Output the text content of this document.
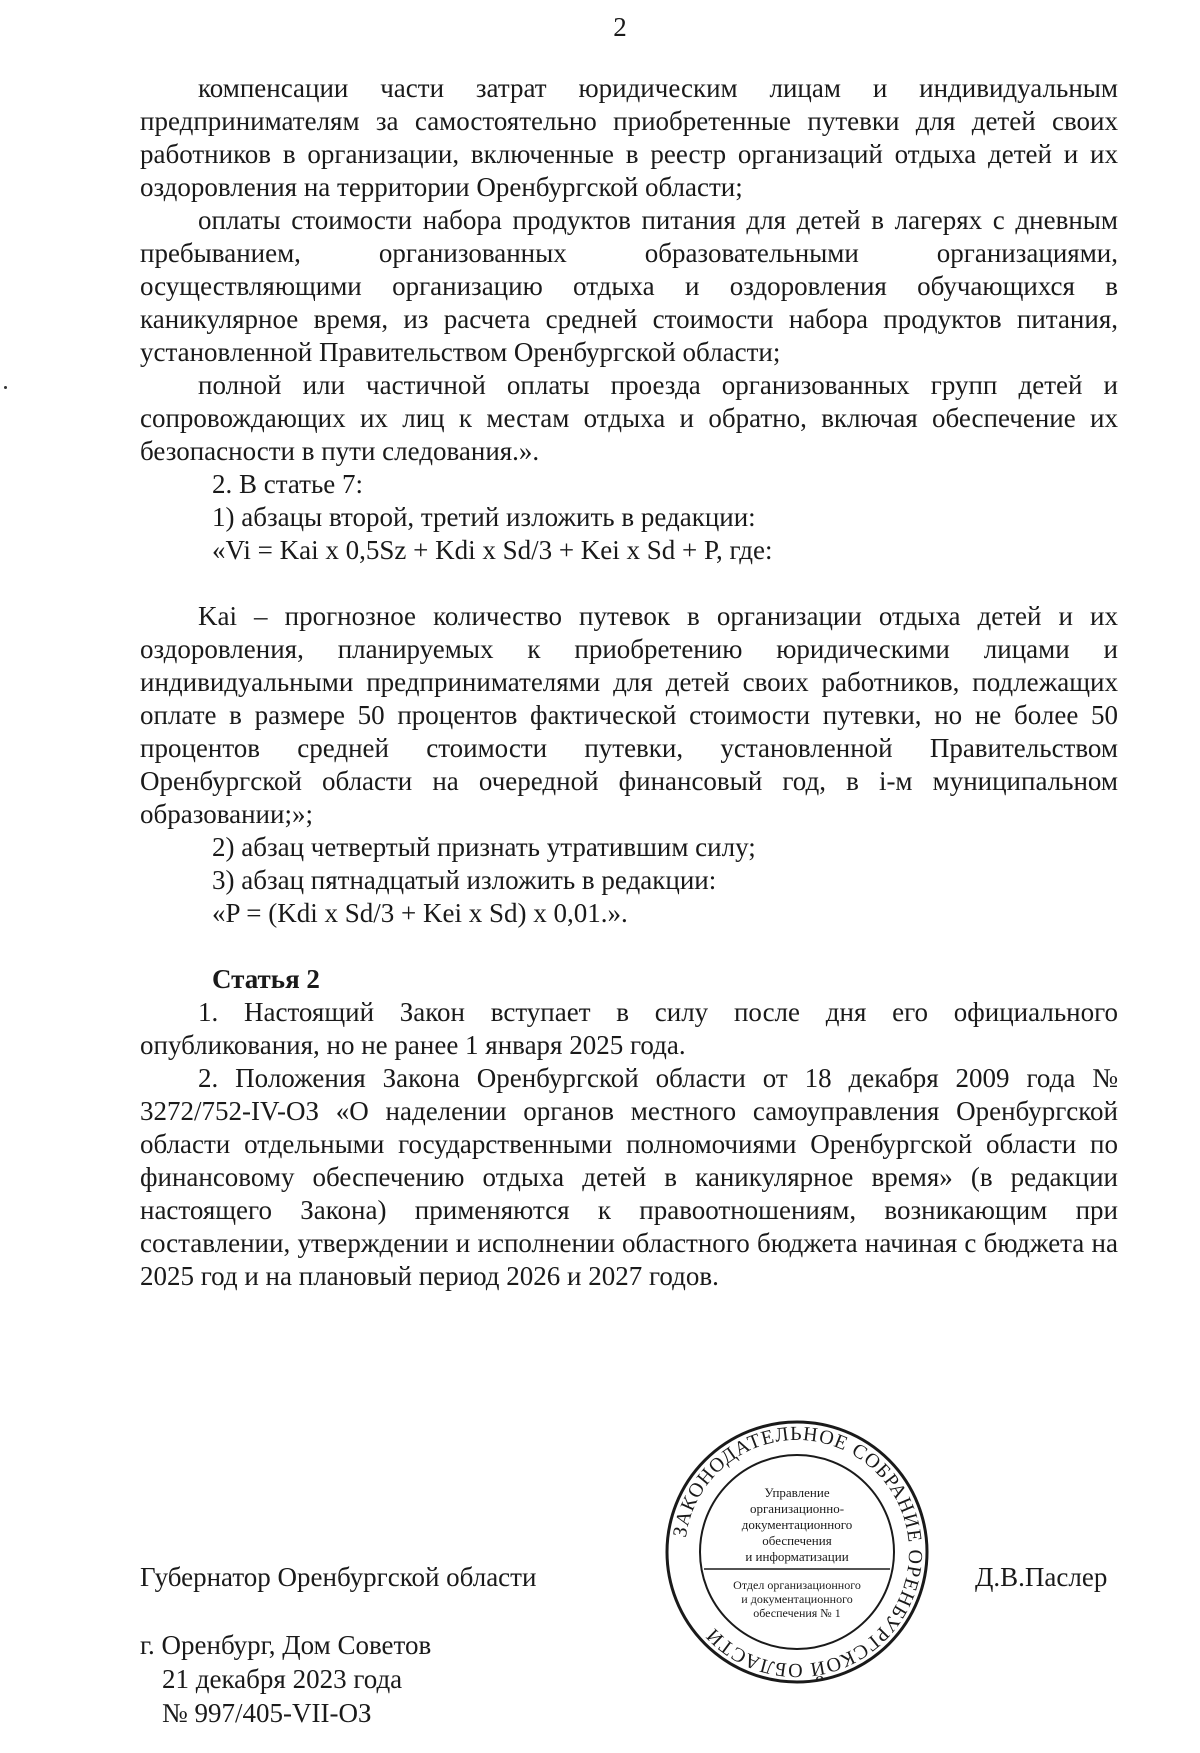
2

компенсации части затрат юридическим лицам и индивидуальным предпринимателям за самостоятельно приобретенные путевки для детей своих работников в организации, включенные в реестр организаций отдыха детей и их оздоровления на территории Оренбургской области;

оплаты стоимости набора продуктов питания для детей в лагерях с дневным пребыванием, организованных образовательными организациями, осуществляющими организацию отдыха и оздоровления обучающихся в каникулярное время, из расчета средней стоимости набора продуктов питания, установленной Правительством Оренбургской области;

полной или частичной оплаты проезда организованных групп детей и сопровождающих их лиц к местам отдыха и обратно, включая обеспечение их безопасности в пути следования.».

2. В статье 7:

1) абзацы второй, третий изложить в редакции:

«Vi = Kai x 0,5Sz + Kdi x Sd/3 + Kei x Sd + P, где:

Kai – прогнозное количество путевок в организации отдыха детей и их оздоровления, планируемых к приобретению юридическими лицами и индивидуальными предпринимателями для детей своих работников, подлежащих оплате в размере 50 процентов фактической стоимости путевки, но не более 50 процентов средней стоимости путевки, установленной Правительством Оренбургской области на очередной финансовый год, в i-м муниципальном образовании;»;

2) абзац четвертый признать утратившим силу;

3) абзац пятнадцатый изложить в редакции:

«P = (Kdi x Sd/3 + Kei x Sd) x 0,01.».

Статья 2

1. Настоящий Закон вступает в силу после дня его официального опубликования, но не ранее 1 января 2025 года.

2. Положения Закона Оренбургской области от 18 декабря 2009 года № 3272/752-IV-ОЗ «О наделении органов местного самоуправления Оренбургской области отдельными государственными полномочиями Оренбургской области по финансовому обеспечению отдыха детей в каникулярное время» (в редакции настоящего Закона) применяются к правоотношениям, возникающим при составлении, утверждении и исполнении областного бюджета начиная с бюджета на 2025 год и на плановый период 2026 и 2027 годов.

Губернатор Оренбургской области	Д.В.Паслер
г. Оренбург, Дом Советов
21 декабря 2023 года
№ 997/405-VII-ОЗ
ЗАКОНОДАТЕЛЬНОЕ СОБРАНИЕ ОРЕНБУРГСКОЙ ОБЛАСТИ
Управление
организационно-
документационного
обеспечения
и информатизации
Отдел организационного
и документационного
обеспечения № 1
